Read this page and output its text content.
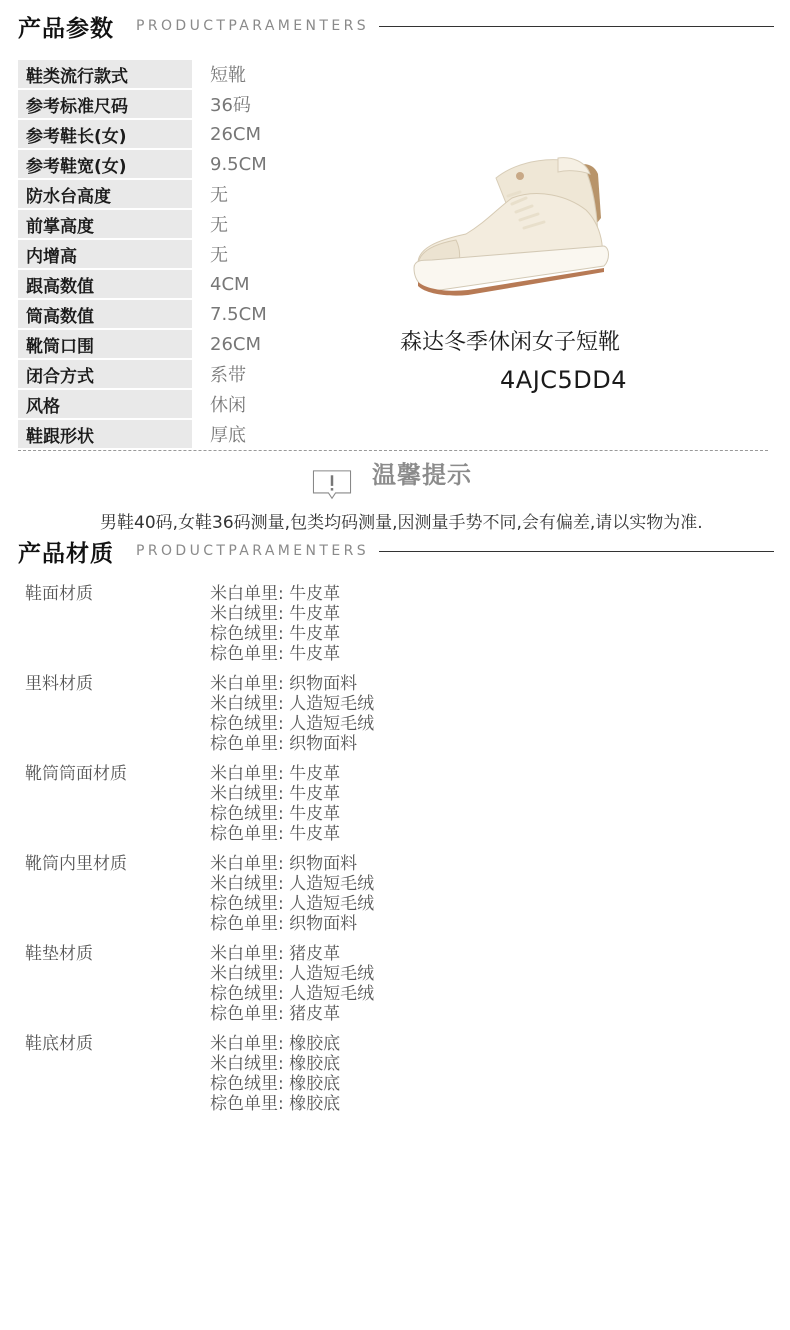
产品参数 PRODUCTPARAMENTERS
鞋类流行款式	短靴
参考标准尺码	36码
参考鞋长(女)	26CM
参考鞋宽(女)	9.5CM
防水台高度	无
前掌高度	无
内增高	无
跟高数值	4CM
筒高数值	7.5CM
靴筒口围	26CM
闭合方式	系带
风格	休闲
鞋跟形状	厚底
森达冬季休闲女子短靴
4AJC5DD4
温馨提示
男鞋40码,女鞋36码测量,包类均码测量,因测量手势不同,会有偏差,请以实物为准.
产品材质 PRODUCTPARAMENTERS
鞋面材质	米白单里: 牛皮革
米白绒里: 牛皮革
棕色绒里: 牛皮革
棕色单里: 牛皮革
里料材质	米白单里: 织物面料
米白绒里: 人造短毛绒
棕色绒里: 人造短毛绒
棕色单里: 织物面料
靴筒筒面材质	米白单里: 牛皮革
米白绒里: 牛皮革
棕色绒里: 牛皮革
棕色单里: 牛皮革
靴筒内里材质	米白单里: 织物面料
米白绒里: 人造短毛绒
棕色绒里: 人造短毛绒
棕色单里: 织物面料
鞋垫材质	米白单里: 猪皮革
米白绒里: 人造短毛绒
棕色绒里: 人造短毛绒
棕色单里: 猪皮革
鞋底材质	米白单里: 橡胶底
米白绒里: 橡胶底
棕色绒里: 橡胶底
棕色单里: 橡胶底
